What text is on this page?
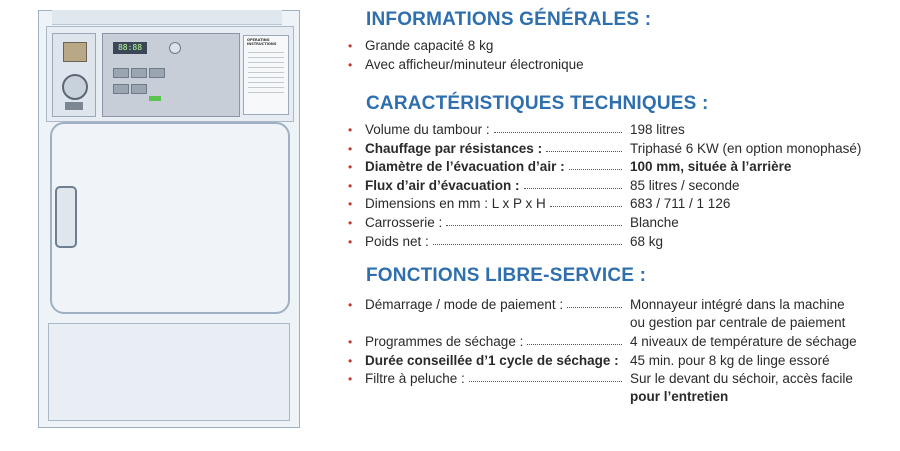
88:88
OPERATING INSTRUCTIONS
INFORMATIONS GÉNÉRALES :
CARACTÉRISTIQUES TECHNIQUES :
FONCTIONS LIBRE-SERVICE :
• Grande capacité 8 kg
• Avec afficheur/minuteur électronique
• Volume du tambour :	198 litres
• Chauffage par résistances :	Triphasé 6 KW (en option monophasé)
• Diamètre de l’évacuation d’air :	100 mm, située à l’arrière
• Flux d’air d’évacuation :	85 litres / seconde
• Dimensions en mm : L x P x H	683 / 711 / 1 126
• Carrosserie :	Blanche
• Poids net :	68 kg
• Démarrage / mode de paiement :	Monnayeur intégré dans la machine
ou gestion par centrale de paiement
• Programmes de séchage :	4 niveaux de température de séchage
• Durée conseillée d’1 cycle de séchage : 45 min. pour 8 kg de linge essoré
• Filtre à peluche :	Sur le devant du séchoir, accès facile
pour l’entretien
